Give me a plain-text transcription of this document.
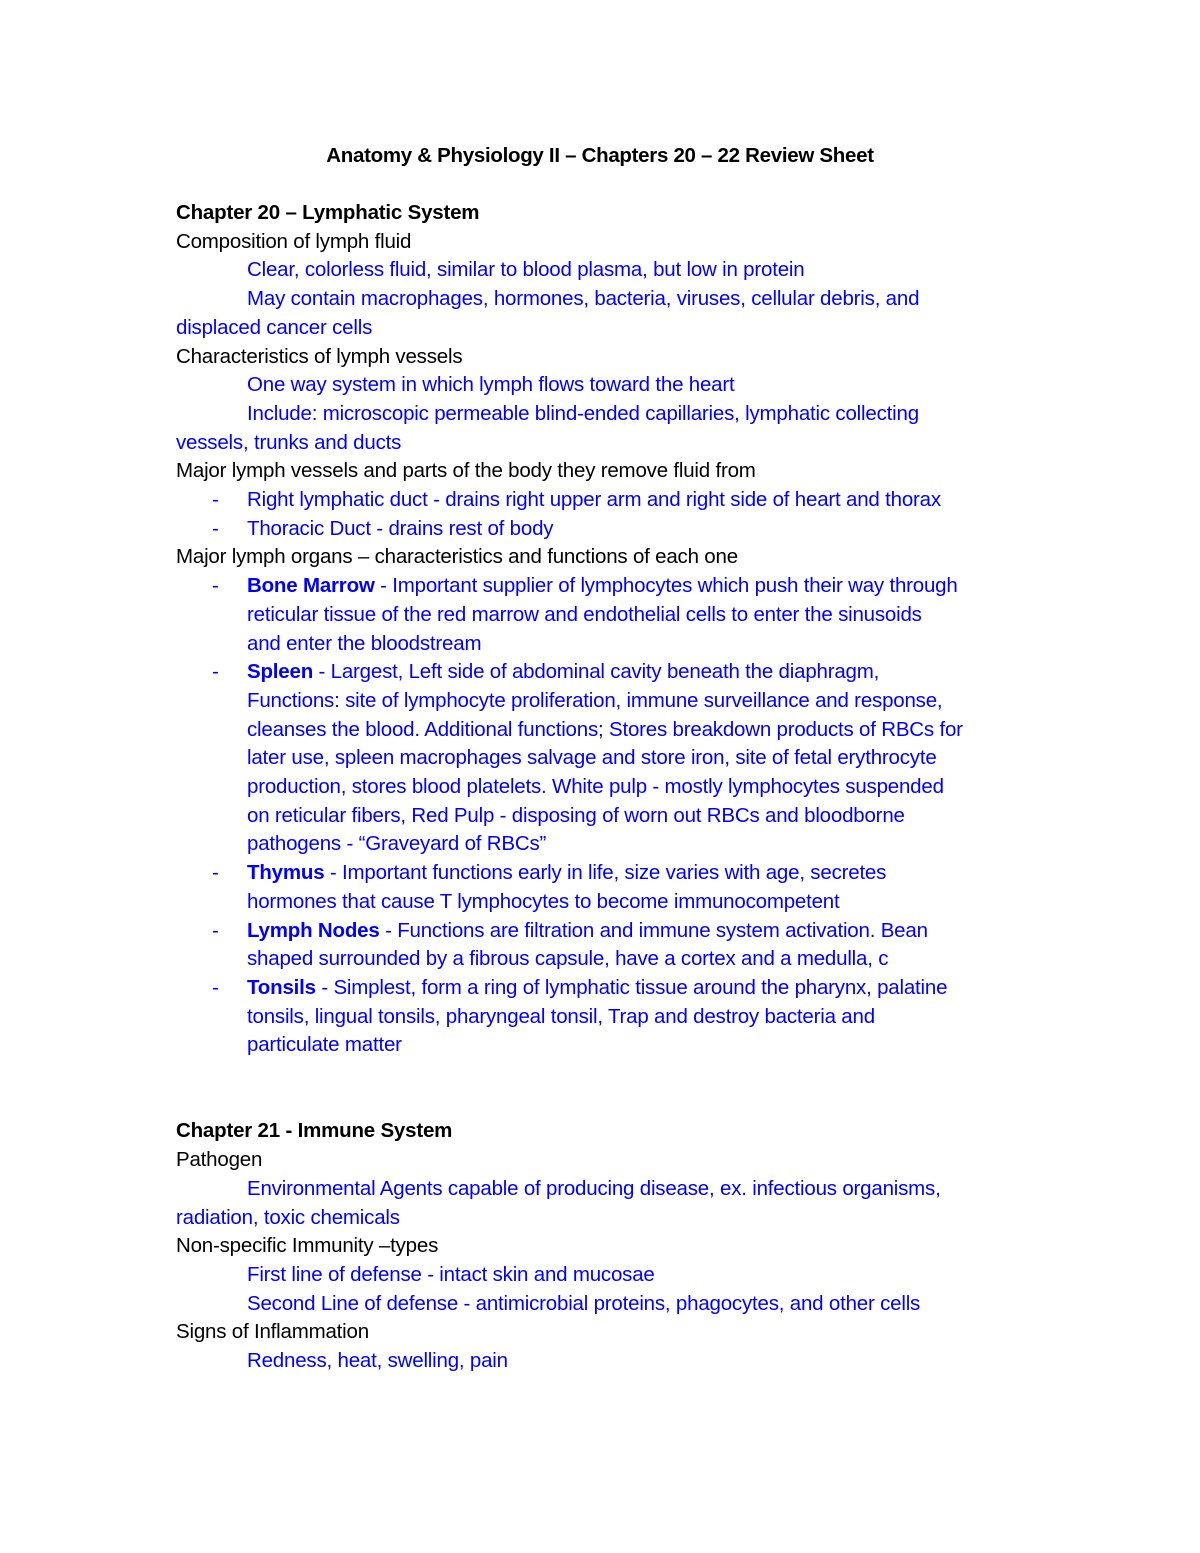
Anatomy & Physiology II – Chapters 20 – 22 Review Sheet
Chapter 20 – Lymphatic System
Composition of lymph fluid
Clear, colorless fluid, similar to blood plasma, but low in protein
May contain macrophages, hormones, bacteria, viruses, cellular debris, and
displaced cancer cells
Characteristics of lymph vessels
One way system in which lymph flows toward the heart
Include: microscopic permeable blind-ended capillaries, lymphatic collecting
vessels, trunks and ducts
Major lymph vessels and parts of the body they remove fluid from
-	Right lymphatic duct - drains right upper arm and right side of heart and thorax
-	Thoracic Duct - drains rest of body
Major lymph organs – characteristics and functions of each one
-	Bone Marrow - Important supplier of lymphocytes which push their way through
reticular tissue of the red marrow and endothelial cells to enter the sinusoids
and enter the bloodstream
-	Spleen - Largest, Left side of abdominal cavity beneath the diaphragm,
Functions: site of lymphocyte proliferation, immune surveillance and response,
cleanses the blood. Additional functions; Stores breakdown products of RBCs for
later use, spleen macrophages salvage and store iron, site of fetal erythrocyte
production, stores blood platelets. White pulp - mostly lymphocytes suspended
on reticular fibers, Red Pulp - disposing of worn out RBCs and bloodborne
pathogens - “Graveyard of RBCs”
-	Thymus - Important functions early in life, size varies with age, secretes
hormones that cause T lymphocytes to become immunocompetent
-	Lymph Nodes - Functions are filtration and immune system activation. Bean
shaped surrounded by a fibrous capsule, have a cortex and a medulla, c
-	Tonsils - Simplest, form a ring of lymphatic tissue around the pharynx, palatine
tonsils, lingual tonsils, pharyngeal tonsil, Trap and destroy bacteria and
particulate matter
Chapter 21 - Immune System
Pathogen
Environmental Agents capable of producing disease, ex. infectious organisms,
radiation, toxic chemicals
Non-specific Immunity –types
First line of defense - intact skin and mucosae
Second Line of defense - antimicrobial proteins, phagocytes, and other cells
Signs of Inflammation
Redness, heat, swelling, pain
